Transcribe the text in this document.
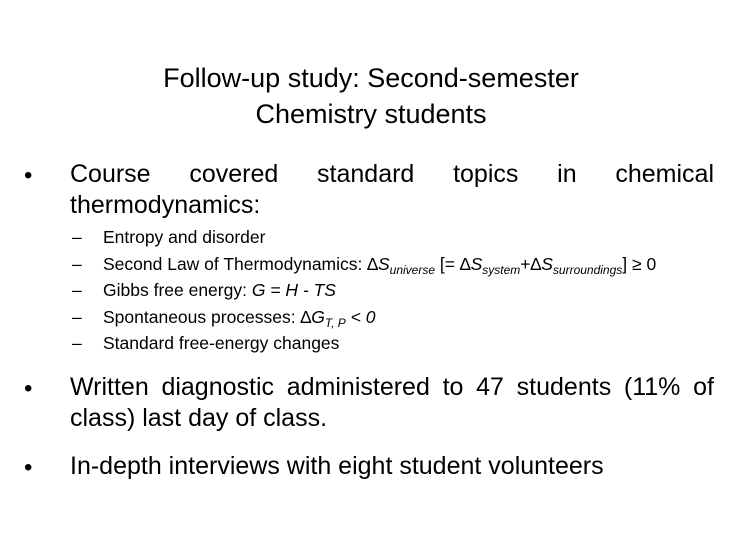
Follow-up study: Second-semester
Chemistry students
• Course covered standard topics in chemical thermodynamics:
– Entropy and disorder
– Second Law of Thermodynamics: $\Delta S_{universe}$ [= $\Delta S_{system}+\Delta S_{surroundings}] \ge 0$
– Gibbs free energy: G = H - TS
– Spontaneous processes: $\Delta G_{T, P} < 0$
– Standard free-energy changes
• Written diagnostic administered to 47 students (11% of class) last day of class.
• In-depth interviews with eight student volunteers
